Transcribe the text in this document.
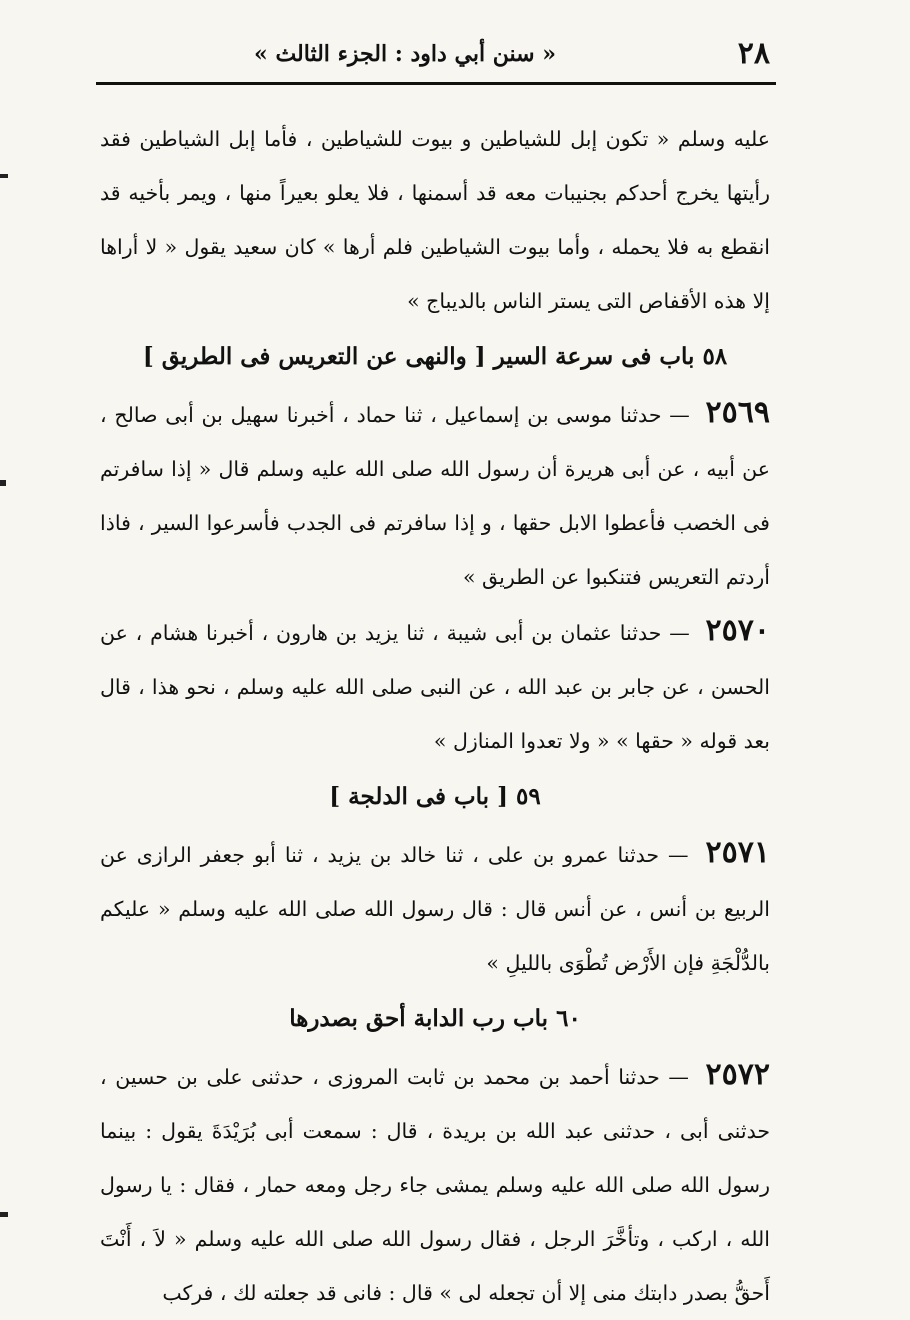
٢٨
« سنن أبي داود : الجزء الثالث »

عليه وسلم « تكون إبل للشياطين و بيوت للشياطين ، فأما إبل الشياطين فقد رأيتها يخرج أحدكم بجنيبات معه قد أسمنها ، فلا يعلو بعيراً منها ، ويمر بأخيه قد انقطع به فلا يحمله ، وأما بيوت الشياطين فلم أرها » كان سعيد يقول « لا أراها إلا هذه الأقفاص التى يستر الناس بالديباج »

٥٨ باب فى سرعة السير [ والنهى عن التعريس فى الطريق ]

٢٥٦٩ — حدثنا موسى بن إسماعيل ، ثنا حماد ، أخبرنا سهيل بن أبى صالح ، عن أبيه ، عن أبى هريرة أن رسول الله صلى الله عليه وسلم قال « إذا سافرتم فى الخصب فأعطوا الابل حقها ، و إذا سافرتم فى الجدب فأسرعوا السير ، فاذا أردتم التعريس فتنكبوا عن الطريق »

٢٥٧٠ — حدثنا عثمان بن أبى شيبة ، ثنا يزيد بن هارون ، أخبرنا هشام ، عن الحسن ، عن جابر بن عبد الله ، عن النبى صلى الله عليه وسلم ، نحو هذا ، قال بعد قوله « حقها » « ولا تعدوا المنازل »

٥٩ [ باب فى الدلجة ]

٢٥٧١ — حدثنا عمرو بن على ، ثنا خالد بن يزيد ، ثنا أبو جعفر الرازى عن الربيع بن أنس ، عن أنس قال : قال رسول الله صلى الله عليه وسلم « عليكم بالدُّلْجَةِ فإن الأَرْض تُطْوَى بالليلِ »

٦٠ باب رب الدابة أحق بصدرها

٢٥٧٢ — حدثنا أحمد بن محمد بن ثابت المروزى ، حدثنى على بن حسين ، حدثنى أبى ، حدثنى عبد الله بن بريدة ، قال : سمعت أبى بُرَيْدَةَ يقول : بينما رسول الله صلى الله عليه وسلم يمشى جاء رجل ومعه حمار ، فقال : يا رسول الله ، اركب ، وتأخَّرَ الرجل ، فقال رسول الله صلى الله عليه وسلم « لاَ ، أَنْتَ أَحقُّ بصدر دابتك منى إلا أن تجعله لى » قال : فانى قد جعلته لك ، فركب
